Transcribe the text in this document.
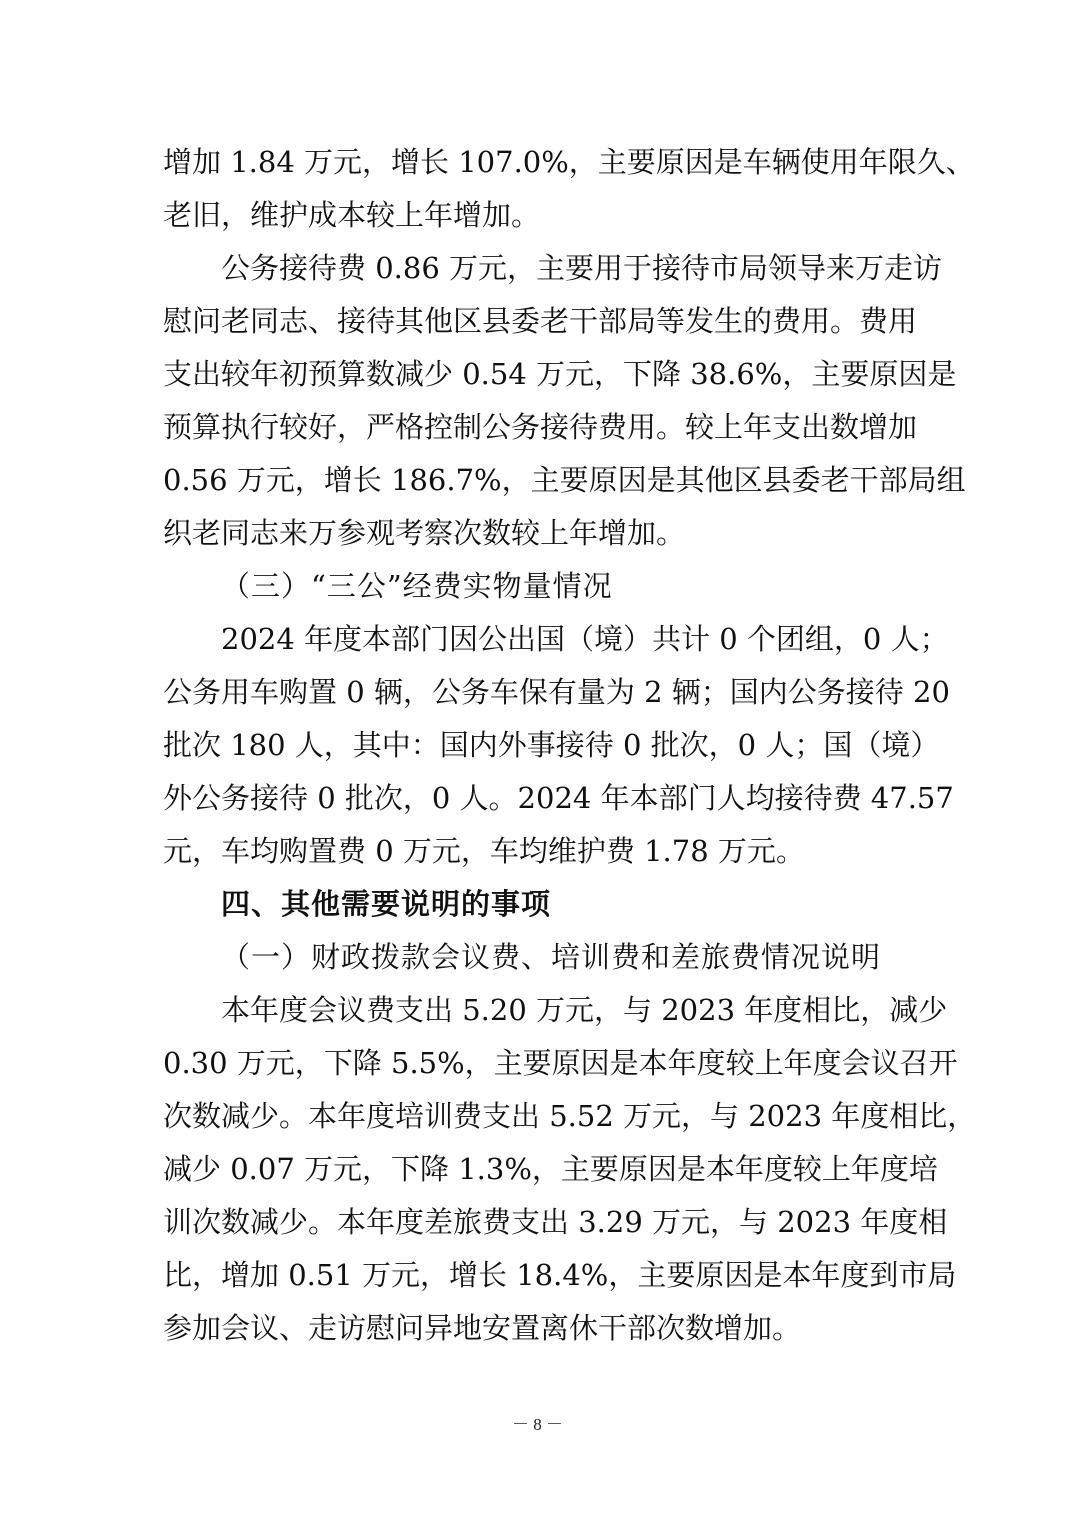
增加 1.84 万元，增长 107.0%，主要原因是车辆使用年限久、
老旧，维护成本较上年增加。
公务接待费 0.86 万元，主要用于接待市局领导来万走访
慰问老同志、接待其他区县委老干部局等发生的费用。费用
支出较年初预算数减少 0.54 万元，下降 38.6%，主要原因是
预算执行较好，严格控制公务接待费用。较上年支出数增加
0.56 万元，增长 186.7%，主要原因是其他区县委老干部局组
织老同志来万参观考察次数较上年增加。
（三）“三公”经费实物量情况
2024 年度本部门因公出国（境）共计 0 个团组，0 人；
公务用车购置 0 辆，公务车保有量为 2 辆；国内公务接待 20
批次 180 人，其中：国内外事接待 0 批次，0 人；国（境）
外公务接待 0 批次，0 人。2024 年本部门人均接待费 47.57
元，车均购置费 0 万元，车均维护费 1.78 万元。
四、其他需要说明的事项
（一）财政拨款会议费、培训费和差旅费情况说明
本年度会议费支出 5.20 万元，与 2023 年度相比，减少
0.30 万元，下降 5.5%，主要原因是本年度较上年度会议召开
次数减少。本年度培训费支出 5.52 万元，与 2023 年度相比，
减少 0.07 万元，下降 1.3%，主要原因是本年度较上年度培
训次数减少。本年度差旅费支出 3.29 万元，与 2023 年度相
比，增加 0.51 万元，增长 18.4%，主要原因是本年度到市局
参加会议、走访慰问异地安置离休干部次数增加。
－ 8 －
